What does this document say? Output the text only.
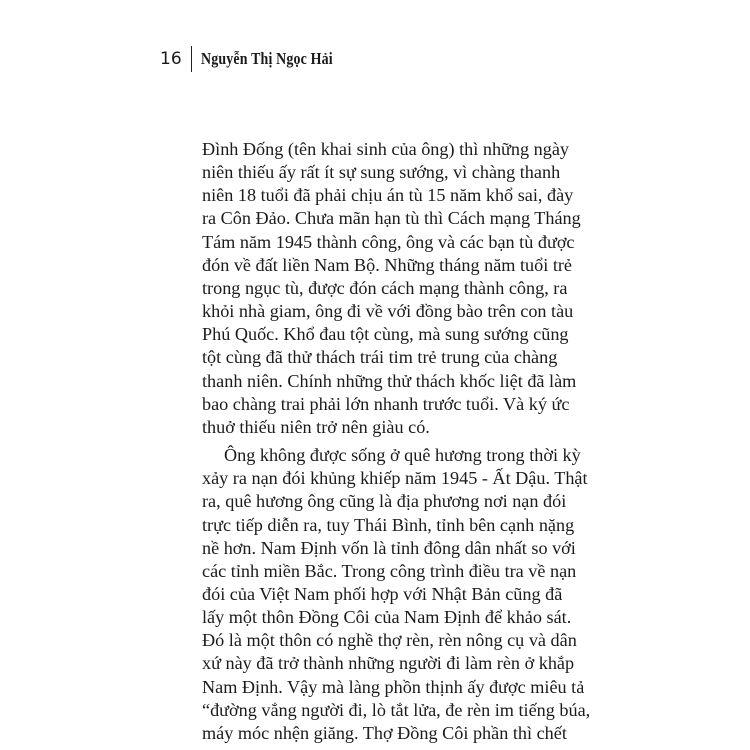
16 Nguyễn Thị Ngọc Hải
Đình Đống (tên khai sinh của ông) thì những ngày
niên thiếu ấy rất ít sự sung sướng, vì chàng thanh
niên 18 tuổi đã phải chịu án tù 15 năm khổ sai, đày
ra Côn Đảo. Chưa mãn hạn tù thì Cách mạng Tháng
Tám năm 1945 thành công, ông và các bạn tù được
đón về đất liền Nam Bộ. Những tháng năm tuổi trẻ
trong ngục tù, được đón cách mạng thành công, ra
khỏi nhà giam, ông đi về với đồng bào trên con tàu
Phú Quốc. Khổ đau tột cùng, mà sung sướng cũng
tột cùng đã thử thách trái tim trẻ trung của chàng
thanh niên. Chính những thử thách khốc liệt đã làm
bao chàng trai phải lớn nhanh trước tuổi. Và ký ức
thuở thiếu niên trở nên giàu có.
Ông không được sống ở quê hương trong thời kỳ
xảy ra nạn đói khủng khiếp năm 1945 - Ất Dậu. Thật
ra, quê hương ông cũng là địa phương nơi nạn đói
trực tiếp diễn ra, tuy Thái Bình, tỉnh bên cạnh nặng
nề hơn. Nam Định vốn là tỉnh đông dân nhất so với
các tỉnh miền Bắc. Trong công trình điều tra về nạn
đói của Việt Nam phối hợp với Nhật Bản cũng đã
lấy một thôn Đồng Côi của Nam Định để khảo sát.
Đó là một thôn có nghề thợ rèn, rèn nông cụ và dân
xứ này đã trở thành những người đi làm rèn ở khắp
Nam Định. Vậy mà làng phồn thịnh ấy được miêu tả
“đường vắng người đi, lò tắt lửa, đe rèn im tiếng búa,
máy móc nhện giăng. Thợ Đồng Côi phần thì chết
